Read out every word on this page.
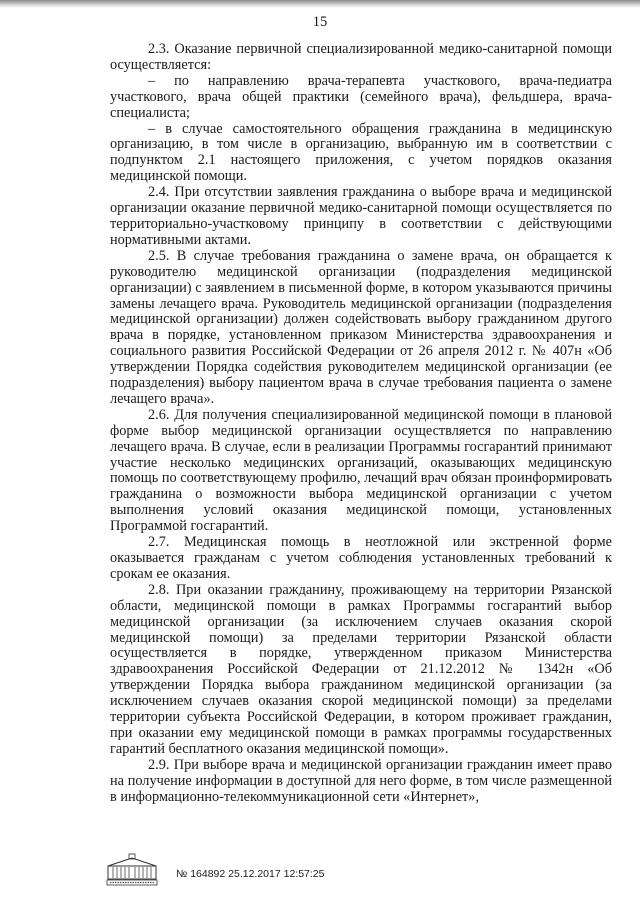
15

2.3. Оказание первичной специализированной медико-санитарной помощи осуществляется:

– по направлению врача-терапевта участкового, врача-педиатра участкового, врача общей практики (семейного врача), фельдшера, врача-специалиста;

– в случае самостоятельного обращения гражданина в медицинскую организацию, в том числе в организацию, выбранную им в соответствии с подпунктом 2.1 настоящего приложения, с учетом порядков оказания медицинской помощи.

2.4. При отсутствии заявления гражданина о выборе врача и медицинской организации оказание первичной медико-санитарной помощи осуществляется по территориально-участковому принципу в соответствии с действующими нормативными актами.

2.5. В случае требования гражданина о замене врача, он обращается к руководителю медицинской организации (подразделения медицинской организации) с заявлением в письменной форме, в котором указываются причины замены лечащего врача. Руководитель медицинской организации (подразделения медицинской организации) должен содействовать выбору гражданином другого врача в порядке, установленном приказом Министерства здравоохранения и социального развития Российской Федерации от 26 апреля 2012 г. № 407н «Об утверждении Порядка содействия руководителем медицинской организации (ее подразделения) выбору пациентом врача в случае требования пациента о замене лечащего врача».

2.6. Для получения специализированной медицинской помощи в плановой форме выбор медицинской организации осуществляется по направлению лечащего врача. В случае, если в реализации Программы госгарантий принимают участие несколько медицинских организаций, оказывающих медицинскую помощь по соответствующему профилю, лечащий врач обязан проинформировать гражданина о возможности выбора медицинской организации с учетом выполнения условий оказания медицинской помощи, установленных Программой госгарантий.

2.7. Медицинская помощь в неотложной или экстренной форме оказывается гражданам с учетом соблюдения установленных требований к срокам ее оказания.

2.8. При оказании гражданину, проживающему на территории Рязанской области, медицинской помощи в рамках Программы госгарантий выбор медицинской организации (за исключением случаев оказания скорой медицинской помощи) за пределами территории Рязанской области осуществляется в порядке, утвержденном приказом Министерства здравоохранения Российской Федерации от 21.12.2012 № 1342н «Об утверждении Порядка выбора гражданином медицинской организации (за исключением случаев оказания скорой медицинской помощи) за пределами территории субъекта Российской Федерации, в котором проживает гражданин, при оказании ему медицинской помощи в рамках программы государственных гарантий бесплатного оказания медицинской помощи».

2.9. При выборе врача и медицинской организации гражданин имеет право на получение информации в доступной для него форме, в том числе размещенной в информационно-телекоммуникационной сети «Интернет»,

№ 164892 25.12.2017 12:57:25
